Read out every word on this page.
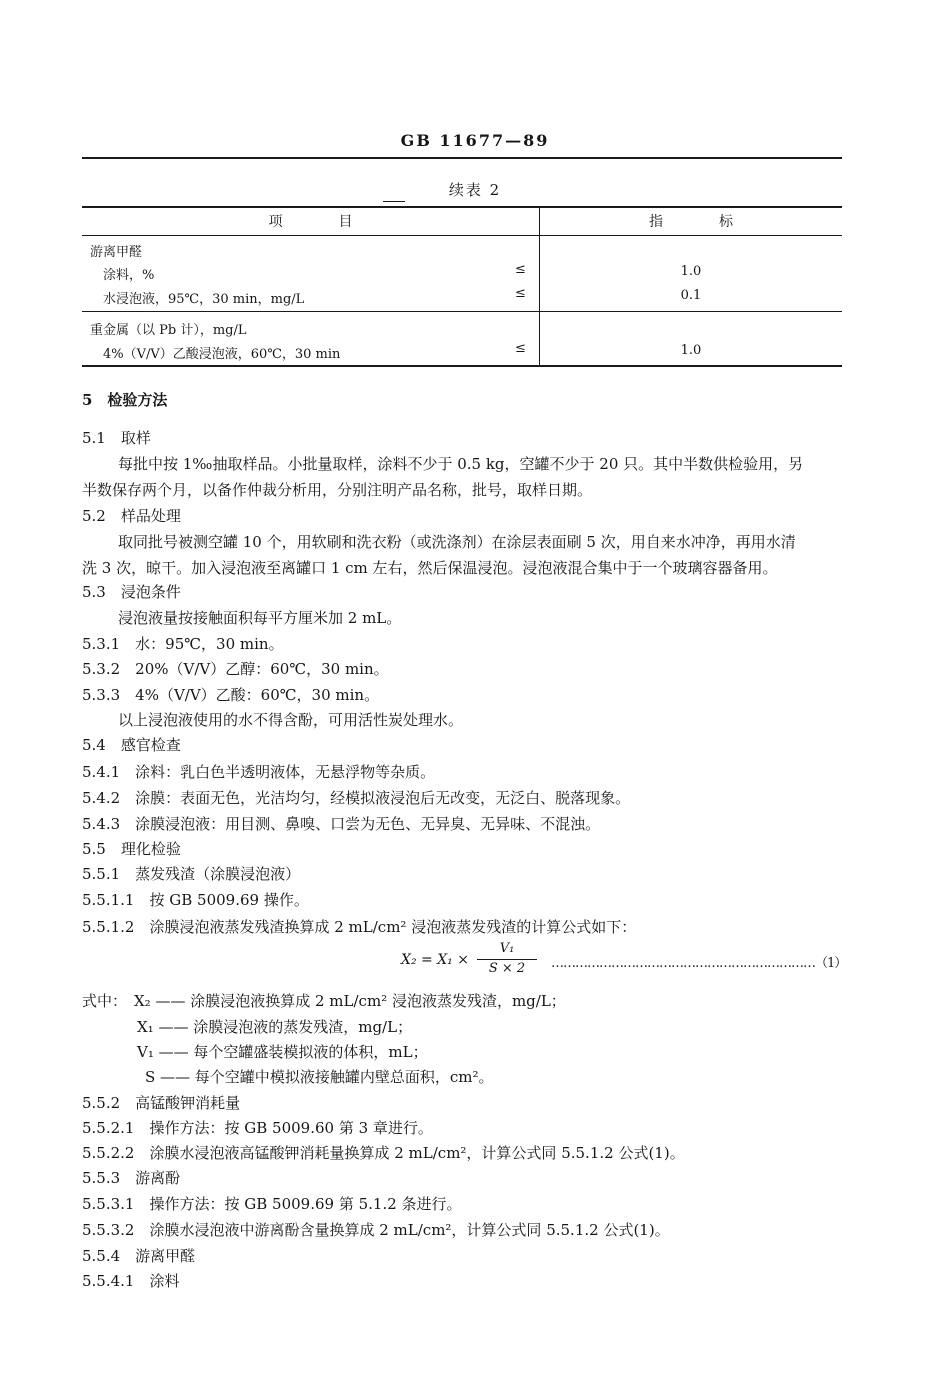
GB 11677—89
续表 2
项　　　　目	指　　　　标
游离甲醛
涂料，%	≤	1.0
水浸泡液，95℃，30 min，mg/L	≤	0.1
重金属（以 Pb 计），mg/L
4%（V/V）乙酸浸泡液，60℃，30 min	≤	1.0
5　检验方法
5.1　取样
每批中按 1‰抽取样品。小批量取样，涂料不少于 0.5 kg，空罐不少于 20 只。其中半数供检验用，另
半数保存两个月，以备作仲裁分析用，分别注明产品名称，批号，取样日期。
5.2　样品处理
取同批号被测空罐 10 个，用软刷和洗衣粉（或洗涤剂）在涂层表面刷 5 次，用自来水冲净，再用水清
洗 3 次，晾干。加入浸泡液至离罐口 1 cm 左右，然后保温浸泡。浸泡液混合集中于一个玻璃容器备用。
5.3　浸泡条件
浸泡液量按接触面积每平方厘米加 2 mL。
5.3.1　水：95℃，30 min。
5.3.2　20%（V/V）乙醇：60℃，30 min。
5.3.3　4%（V/V）乙酸：60℃，30 min。
以上浸泡液使用的水不得含酚，可用活性炭处理水。
5.4　感官检查
5.4.1　涂料：乳白色半透明液体，无悬浮物等杂质。
5.4.2　涂膜：表面无色，光洁均匀，经模拟液浸泡后无改变，无泛白、脱落现象。
5.4.3　涂膜浸泡液：用目测、鼻嗅、口尝为无色、无异臭、无异味、不混浊。
5.5　理化检验
5.5.1　蒸发残渣（涂膜浸泡液）
5.5.1.1　按 GB 5009.69 操作。
5.5.1.2　涂膜浸泡液蒸发残渣换算成 2 mL/cm² 浸泡液蒸发残渣的计算公式如下：
X₂ = X₁ ×
V₁
S × 2	…………………………………………………………（1）
式中： X₂ —— 涂膜浸泡液换算成 2 mL/cm² 浸泡液蒸发残渣，mg/L；
X₁ —— 涂膜浸泡液的蒸发残渣，mg/L；
V₁ —— 每个空罐盛装模拟液的体积，mL；
S —— 每个空罐中模拟液接触罐内壁总面积，cm²。
5.5.2　高锰酸钾消耗量
5.5.2.1　操作方法：按 GB 5009.60 第 3 章进行。
5.5.2.2　涂膜水浸泡液高锰酸钾消耗量换算成 2 mL/cm²，计算公式同 5.5.1.2 公式(1)。
5.5.3　游离酚
5.5.3.1　操作方法：按 GB 5009.69 第 5.1.2 条进行。
5.5.3.2　涂膜水浸泡液中游离酚含量换算成 2 mL/cm²，计算公式同 5.5.1.2 公式(1)。
5.5.4　游离甲醛
5.5.4.1　涂料
